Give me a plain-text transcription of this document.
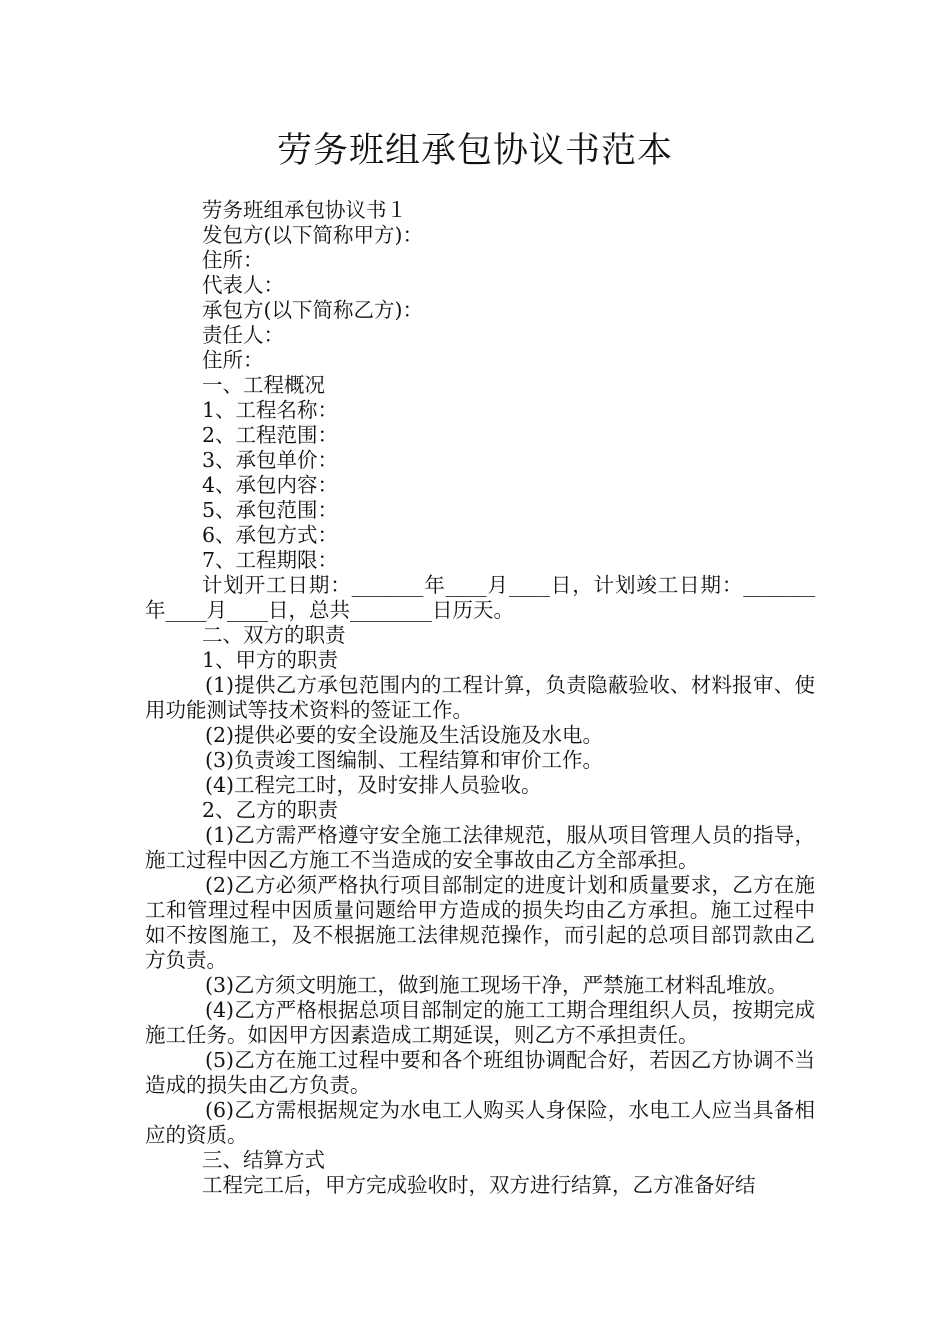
劳务班组承包协议书范本

劳务班组承包协议书１

发包方(以下简称甲方)：

住所：

代表人：

承包方(以下简称乙方)：

责任人：

住所：

一、工程概况

1、工程名称：

2、工程范围：

3、承包单价：

4、承包内容：

5、承包范围：

6、承包方式：

7、工程期限：

计划开工日期：_______年____月____日，计划竣工日期：_______年____月____日，总共________日历天。

二、双方的职责

1、甲方的职责

(1)提供乙方承包范围内的工程计算，负责隐蔽验收、材料报审、使用功能测试等技术资料的签证工作。

(2)提供必要的安全设施及生活设施及水电。

(3)负责竣工图编制、工程结算和审价工作。

(4)工程完工时，及时安排人员验收。

2、乙方的职责

(1)乙方需严格遵守安全施工法律规范，服从项目管理人员的指导，施工过程中因乙方施工不当造成的安全事故由乙方全部承担。

(2)乙方必须严格执行项目部制定的进度计划和质量要求，乙方在施工和管理过程中因质量问题给甲方造成的损失均由乙方承担。施工过程中如不按图施工，及不根据施工法律规范操作，而引起的总项目部罚款由乙方负责。

(3)乙方须文明施工，做到施工现场干净，严禁施工材料乱堆放。

(4)乙方严格根据总项目部制定的施工工期合理组织人员，按期完成施工任务。如因甲方因素造成工期延误，则乙方不承担责任。

(5)乙方在施工过程中要和各个班组协调配合好，若因乙方协调不当造成的损失由乙方负责。

(6)乙方需根据规定为水电工人购买人身保险，水电工人应当具备相应的资质。

三、结算方式

工程完工后，甲方完成验收时，双方进行结算，乙方准备好结
